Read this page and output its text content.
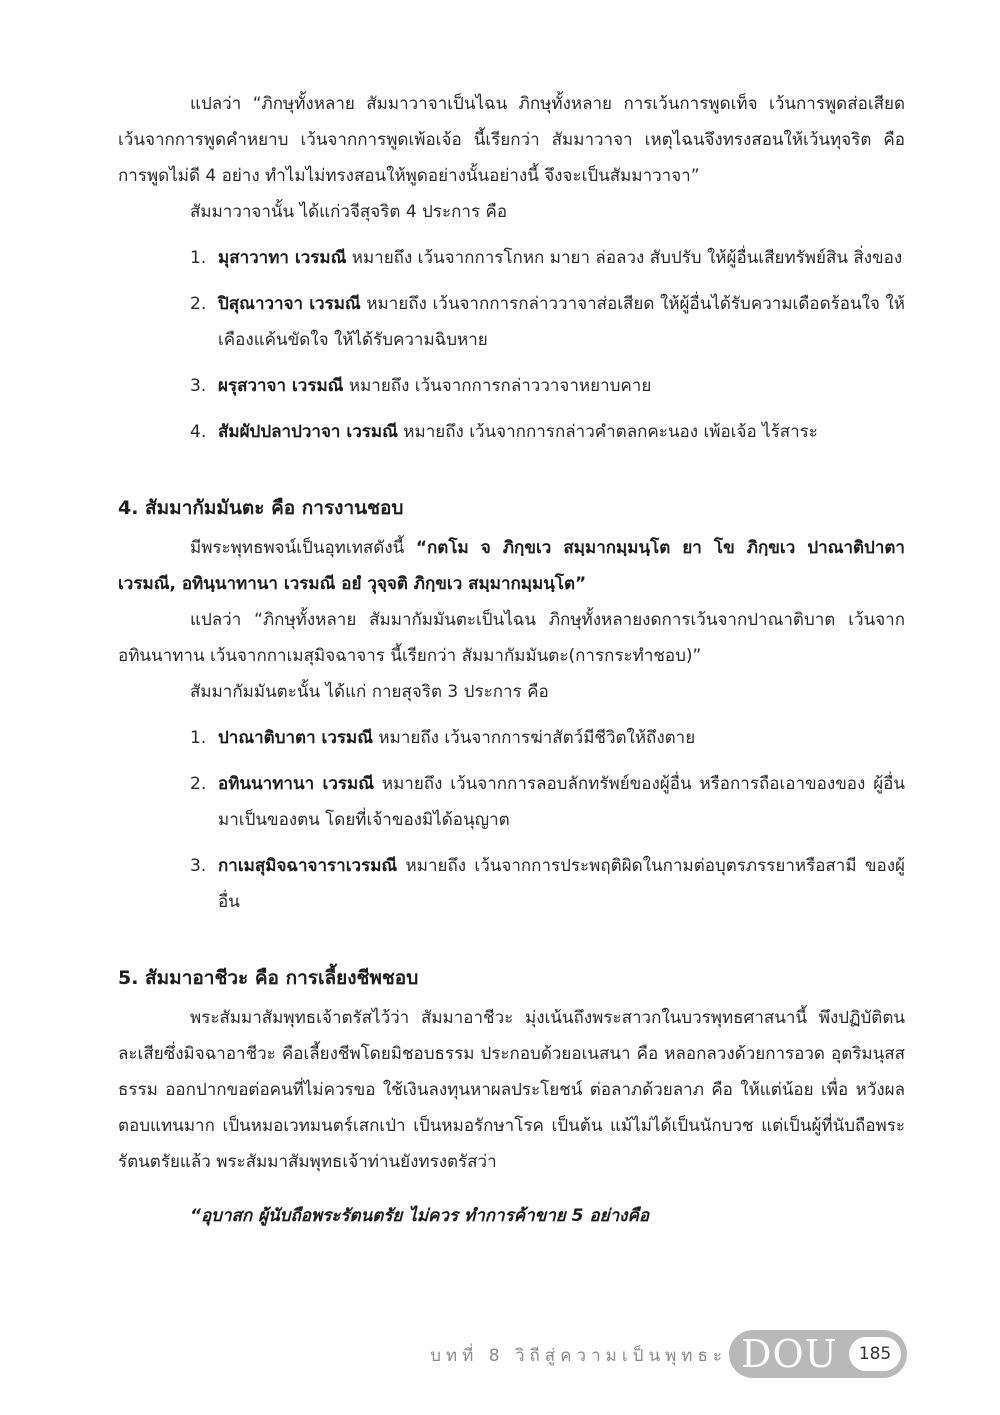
แปลว่า “ภิกษุทั้งหลาย สัมมาวาจาเป็นไฉน ภิกษุทั้งหลาย การเว้นการพูดเท็จ เว้นการพูดส่อเสียด เว้นจากการพูดคำหยาบ เว้นจากการพูดเพ้อเจ้อ นี้เรียกว่า สัมมาวาจา เหตุไฉนจึงทรงสอนให้เว้นทุจริต คือ การพูดไม่ดี 4 อย่าง ทำไมไม่ทรงสอนให้พูดอย่างนั้นอย่างนี้ จึงจะเป็นสัมมาวาจา”

สัมมาวาจานั้น ได้แก่วจีสุจริต 4 ประการ คือ

1. มุสาวาทา เวรมณี หมายถึง เว้นจากการโกหก มายา ล่อลวง สับปรับ ให้ผู้อื่นเสียทรัพย์สิน สิ่งของ
2. ปิสุณาวาจา เวรมณี หมายถึง เว้นจากการกล่าววาจาส่อเสียด ให้ผู้อื่นได้รับความเดือดร้อนใจ ให้เคืองแค้นขัดใจ ให้ได้รับความฉิบหาย
3. ผรุสวาจา เวรมณี หมายถึง เว้นจากการกล่าววาจาหยาบคาย
4. สัมผัปปลาปวาจา เวรมณี หมายถึง เว้นจากการกล่าวคำตลกคะนอง เพ้อเจ้อ ไร้สาระ
4. สัมมากัมมันตะ คือ การงานชอบ

มีพระพุทธพจน์เป็นอุทเทสดังนี้ “กตโม จ ภิกฺขเว สมฺมากมฺมนฺโต ยา โข ภิกฺขเว ปาณาติปาตา เวรมณี, อทินฺนาทานา เวรมณี อยํ วุจฺจติ ภิกฺขเว สมฺมากมฺมนฺโต”

แปลว่า “ภิกษุทั้งหลาย สัมมากัมมันตะเป็นไฉน ภิกษุทั้งหลายงดการเว้นจากปาณาติบาต เว้นจาก อทินนาทาน เว้นจากกาเมสุมิจฉาจาร นี้เรียกว่า สัมมากัมมันตะ(การกระทำชอบ)”

สัมมากัมมันตะนั้น ได้แก่ กายสุจริต 3 ประการ คือ

1. ปาณาติบาตา เวรมณี หมายถึง เว้นจากการฆ่าสัตว์มีชีวิตให้ถึงตาย
2. อทินนาทานา เวรมณี หมายถึง เว้นจากการลอบลักทรัพย์ของผู้อื่น หรือการถือเอาของของ ผู้อื่นมาเป็นของตน โดยที่เจ้าของมิได้อนุญาต
3. กาเมสุมิจฉาจาราเวรมณี หมายถึง เว้นจากการประพฤติผิดในกามต่อบุตรภรรยาหรือสามี ของผู้อื่น
5. สัมมาอาชีวะ คือ การเลี้ยงชีพชอบ

พระสัมมาสัมพุทธเจ้าตรัสไว้ว่า สัมมาอาชีวะ มุ่งเน้นถึงพระสาวกในบวรพุทธศาสนานี้ พึงปฏิบัติตน ละเสียซึ่งมิจฉาอาชีวะ คือเลี้ยงชีพโดยมิชอบธรรม ประกอบด้วยอเนสนา คือ หลอกลวงด้วยการอวด อุตริมนุสสธรรม ออกปากขอต่อคนที่ไม่ควรขอ ใช้เงินลงทุนหาผลประโยชน์ ต่อลาภด้วยลาภ คือ ให้แต่น้อย เพื่อ หวังผลตอบแทนมาก เป็นหมอเวทมนตร์เสกเป่า เป็นหมอรักษาโรค เป็นต้น แม้ไม่ได้เป็นนักบวช แต่เป็นผู้ที่นับถือพระรัตนตรัยแล้ว พระสัมมาสัมพุทธเจ้าท่านยังทรงตรัสว่า

“อุบาสก ผู้นับถือพระรัตนตรัย ไม่ควร ทำการค้าขาย 5 อย่างคือ
บทที่ 8 วิถีสู่ความเป็นพุทธะ DOU	185
